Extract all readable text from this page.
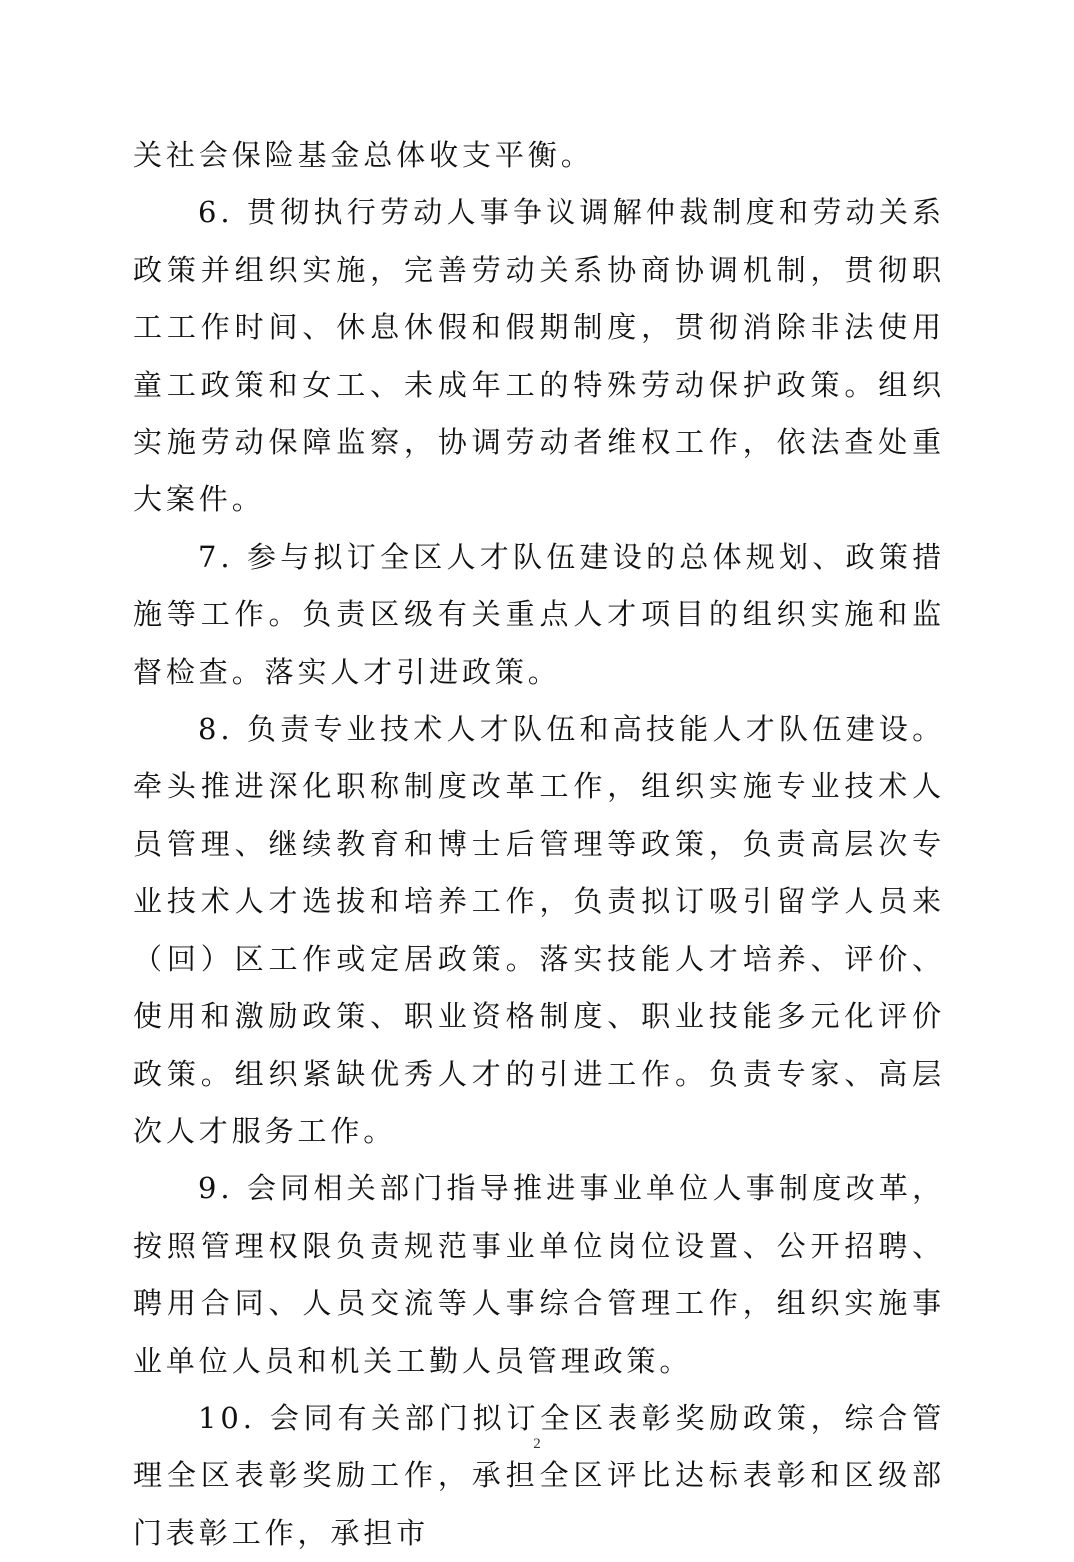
关社会保险基金总体收支平衡。

6. 贯彻执行劳动人事争议调解仲裁制度和劳动关系政策并组织实施，完善劳动关系协商协调机制，贯彻职工工作时间、休息休假和假期制度，贯彻消除非法使用童工政策和女工、未成年工的特殊劳动保护政策。组织实施劳动保障监察，协调劳动者维权工作，依法查处重大案件。

7. 参与拟订全区人才队伍建设的总体规划、政策措施等工作。负责区级有关重点人才项目的组织实施和监督检查。落实人才引进政策。

8. 负责专业技术人才队伍和高技能人才队伍建设。牵头推进深化职称制度改革工作，组织实施专业技术人员管理、继续教育和博士后管理等政策，负责高层次专业技术人才选拔和培养工作，负责拟订吸引留学人员来（回）区工作或定居政策。落实技能人才培养、评价、使用和激励政策、职业资格制度、职业技能多元化评价政策。组织紧缺优秀人才的引进工作。负责专家、高层次人才服务工作。

9. 会同相关部门指导推进事业单位人事制度改革，按照管理权限负责规范事业单位岗位设置、公开招聘、聘用合同、人员交流等人事综合管理工作，组织实施事业单位人员和机关工勤人员管理政策。

10. 会同有关部门拟订全区表彰奖励政策，综合管理全区表彰奖励工作，承担全区评比达标表彰和区级部门表彰工作，承担市

2
